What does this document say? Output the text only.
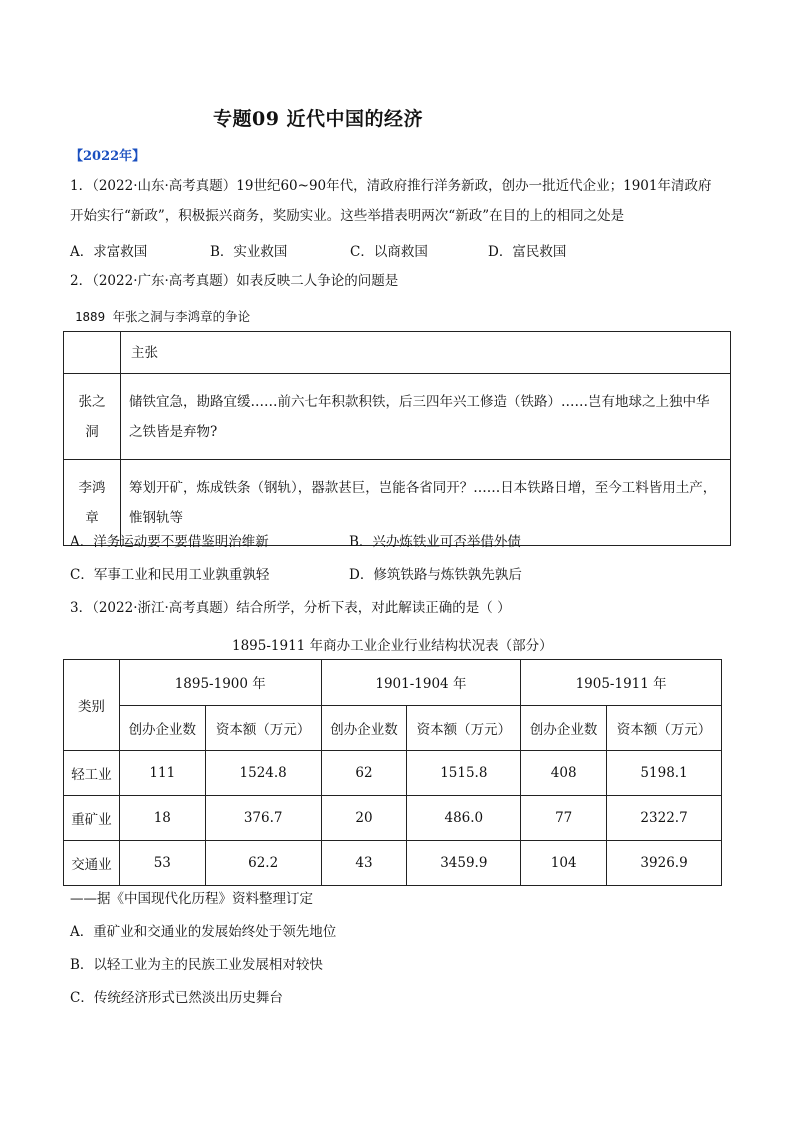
专题09 近代中国的经济
【2022年】
1．（2022·山东·高考真题）19世纪60~90年代，清政府推行洋务新政，创办一批近代企业；1901年清政府
开始实行“新政”，积极振兴商务，奖励实业。这些举措表明两次“新政”在目的上的相同之处是
A．求富救国	B．实业救国	C．以商救国	D．富民救国
2．（2022·广东·高考真题）如表反映二人争论的问题是
1889 年张之洞与李鸿章的争论
	主张

张之洞	储铁宜急，勘路宜缓……前六七年积款积铁，后三四年兴工修造（铁路）……岂有地球之上独中华
之铁皆是弃物?

李鸿章	筹划开矿，炼成铁条（钢轨），器款甚巨，岂能各省同开？……日本铁路日增，至今工料皆用土产，
惟钢轨等
A．洋务运动要不要借鉴明治维新	B．兴办炼铁业可否举借外债
C．军事工业和民用工业孰重孰轻	D．修筑铁路与炼铁孰先孰后
3．（2022·浙江·高考真题）结合所学，分析下表，对此解读正确的是（ ）
1895-1911 年商办工业企业行业结构状况表（部分）
类别	1895-1900 年		1901-1904 年		1905-1911 年	
	创办企业数	资本额（万元）	创办企业数	资本额（万元）	创办企业数	资本额（万元）
轻工业	111	1524.8	62	1515.8	408	5198.1
重矿业	18	376.7	20	486.0	77	2322.7
交通业	53	62.2	43	3459.9	104	3926.9
——据《中国现代化历程》资料整理订定
A．重矿业和交通业的发展始终处于领先地位
B．以轻工业为主的民族工业发展相对较快
C．传统经济形式已然淡出历史舞台
